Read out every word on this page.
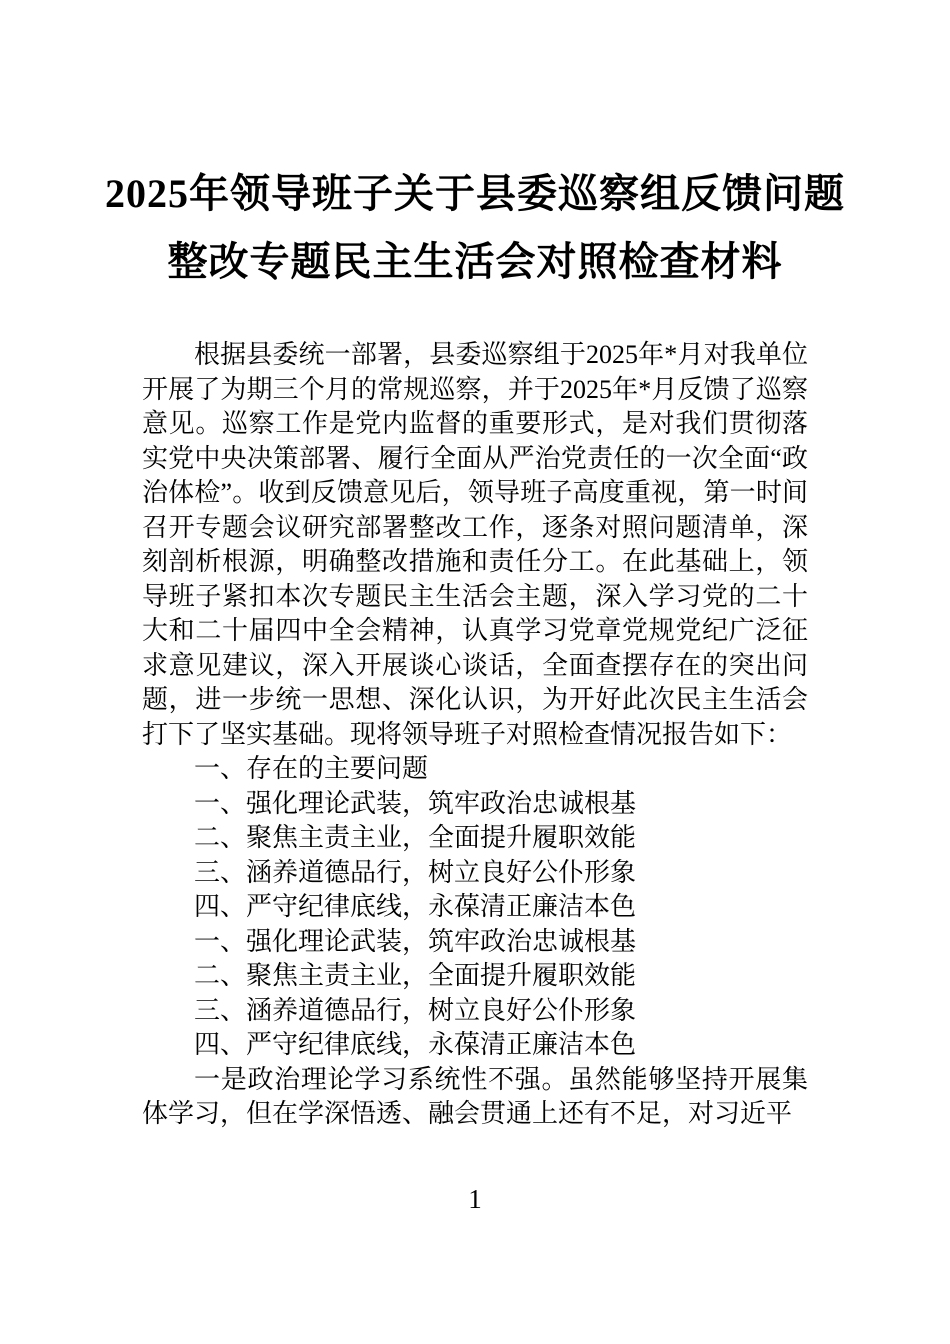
2025年领导班子关于县委巡察组反馈问题
整改专题民主生活会对照检查材料

根据县委统一部署，县委巡察组于2025年*月对我单位开展了为期三个月的常规巡察，并于2025年*月反馈了巡察意见。巡察工作是党内监督的重要形式，是对我们贯彻落实党中央决策部署、履行全面从严治党责任的一次全面“政治体检”。收到反馈意见后，领导班子高度重视，第一时间召开专题会议研究部署整改工作，逐条对照问题清单，深刻剖析根源，明确整改措施和责任分工。在此基础上，领导班子紧扣本次专题民主生活会主题，深入学习党的二十大和二十届四中全会精神，认真学习党章党规党纪广泛征求意见建议，深入开展谈心谈话，全面查摆存在的突出问题，进一步统一思想、深化认识，为开好此次民主生活会打下了坚实基础。现将领导班子对照检查情况报告如下：

一、存在的主要问题

一、强化理论武装，筑牢政治忠诚根基

二、聚焦主责主业，全面提升履职效能

三、涵养道德品行，树立良好公仆形象

四、严守纪律底线，永葆清正廉洁本色

一、强化理论武装，筑牢政治忠诚根基

二、聚焦主责主业，全面提升履职效能

三、涵养道德品行，树立良好公仆形象

四、严守纪律底线，永葆清正廉洁本色

一是政治理论学习系统性不强。虽然能够坚持开展集体学习，但在学深悟透、融会贯通上还有不足，对习近平

1
